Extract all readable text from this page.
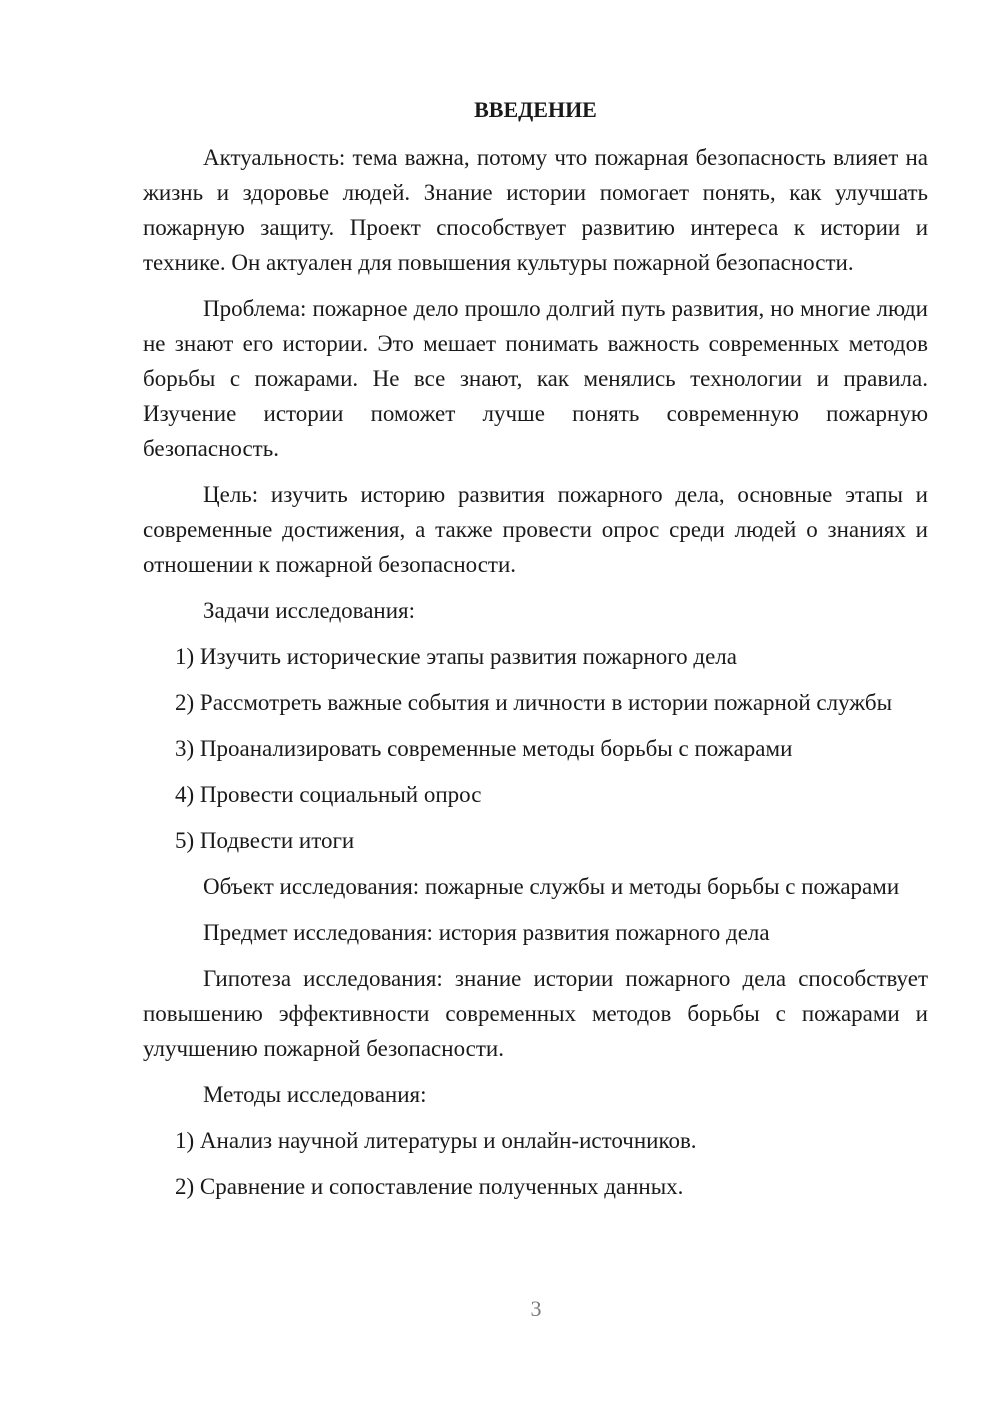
ВВЕДЕНИЕ

Актуальность: тема важна, потому что пожарная безопасность влияет на жизнь и здоровье людей. Знание истории помогает понять, как улучшать пожарную защиту. Проект способствует развитию интереса к истории и технике. Он актуален для повышения культуры пожарной безопасности.

Проблема: пожарное дело прошло долгий путь развития, но многие люди не знают его истории. Это мешает понимать важность современных методов борьбы с пожарами. Не все знают, как менялись технологии и правила. Изучение истории поможет лучше понять современную пожарную безопасность.

Цель: изучить историю развития пожарного дела, основные этапы и современные достижения, а также провести опрос среди людей о знаниях и отношении к пожарной безопасности.

Задачи исследования:

1) Изучить исторические этапы развития пожарного дела

2) Рассмотреть важные события и личности в истории пожарной службы

3) Проанализировать современные методы борьбы с пожарами

4) Провести социальный опрос

5) Подвести итоги

Объект исследования: пожарные службы и методы борьбы с пожарами

Предмет исследования: история развития пожарного дела

Гипотеза исследования: знание истории пожарного дела способствует повышению эффективности современных методов борьбы с пожарами и улучшению пожарной безопасности.

Методы исследования:

1) Анализ научной литературы и онлайн-источников.

2) Сравнение и сопоставление полученных данных.

3
